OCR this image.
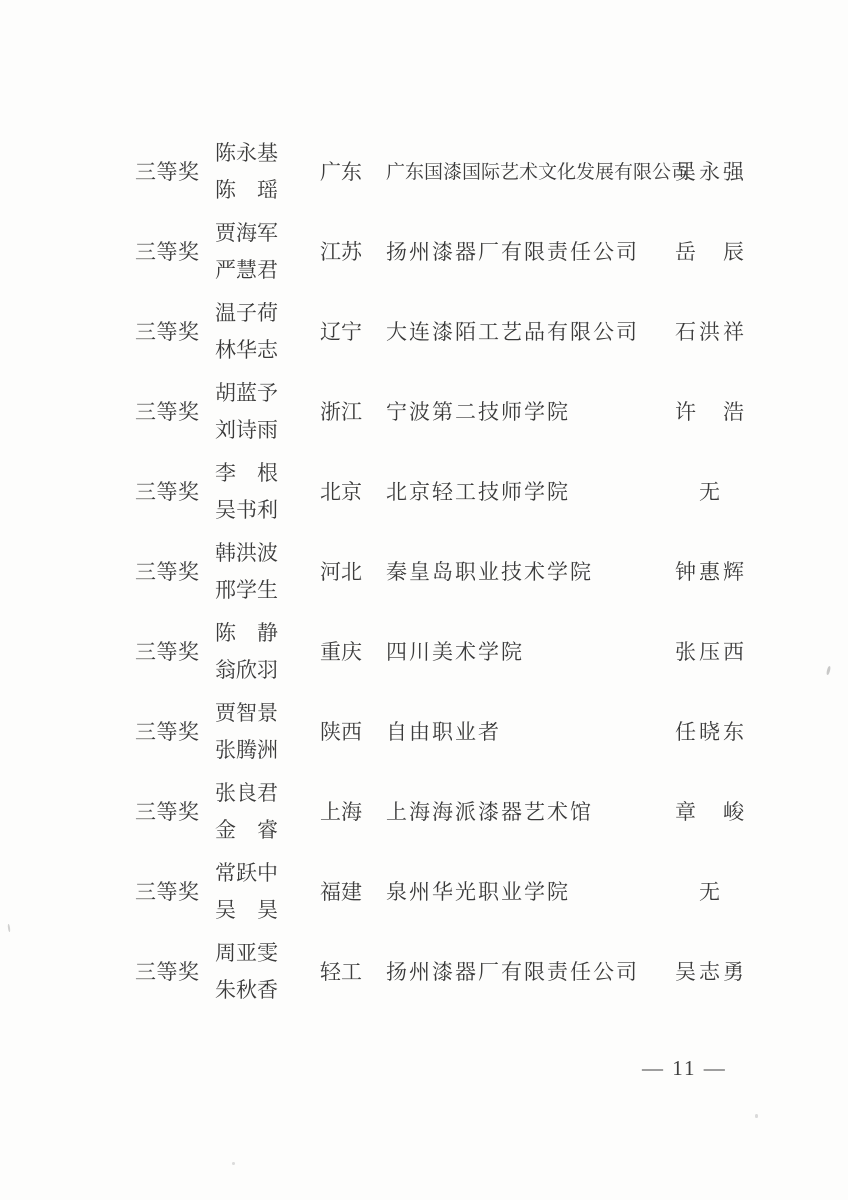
三等奖
陈永基
陈　瑶
广东 广东国漆国际艺术文化发展有限公司
吴永强
三等奖
贾海军
严慧君
江苏 扬州漆器厂有限责任公司	岳　辰
三等奖
温子荷
林华志
辽宁 大连漆陌工艺品有限公司	石洪祥
三等奖
胡蓝予
刘诗雨
浙江 宁波第二技师学院	许　浩
三等奖
李　根
吴书利
北京 北京轻工技师学院	无
三等奖
韩洪波
邢学生
河北 秦皇岛职业技术学院	钟惠辉
三等奖
陈　静
翁欣羽
重庆 四川美术学院	张压西
三等奖
贾智景
张腾洲
陕西 自由职业者	任晓东
三等奖
张良君
金　睿
上海 上海海派漆器艺术馆	章　峻
三等奖
常跃中
吴　昊
福建 泉州华光职业学院	无
三等奖
周亚雯
朱秋香
轻工 扬州漆器厂有限责任公司	吴志勇
— 11 —
